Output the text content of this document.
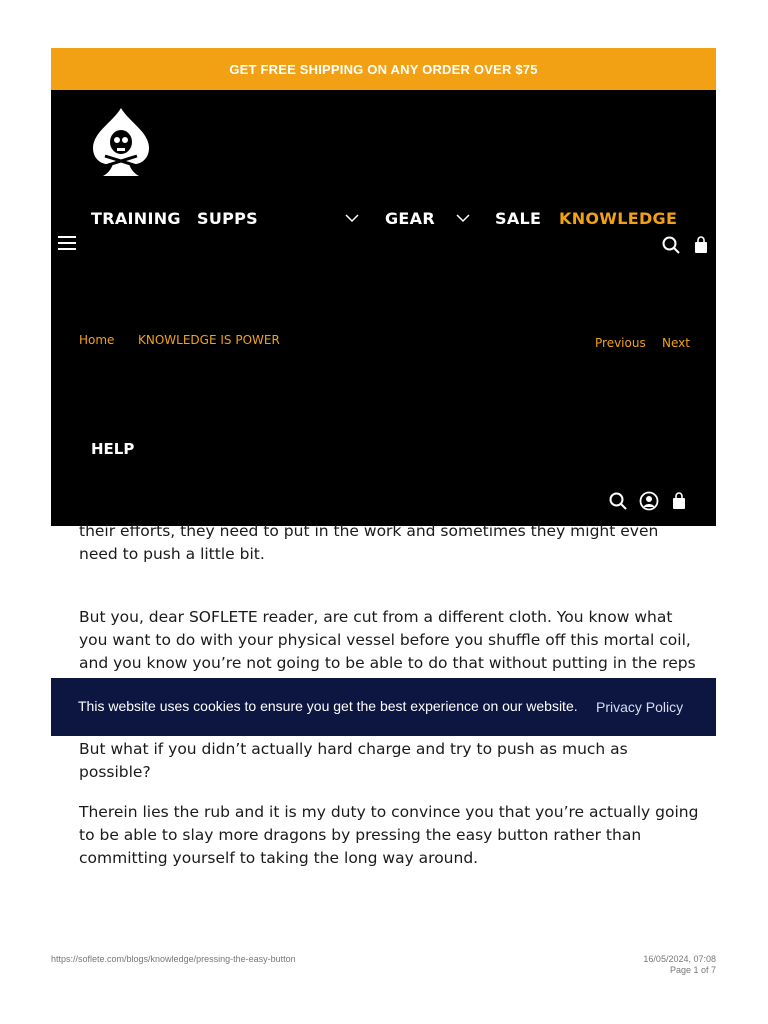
GET FREE SHIPPING ON ANY ORDER OVER $75
TRAINING SUPPS	GEAR	SALE KNOWLEDGE
Home KNOWLEDGE IS POWER	Previous Next
HELP

their efforts, they need to put in the work and sometimes they might even

need to push a little bit.

But you, dear SOFLETE reader, are cut from a different cloth. You know what

you want to do with your physical vessel before you shuffle off this mortal coil,

and you know you’re not going to be able to do that without putting in the reps

But what if you didn’t actually hard charge and try to push as much as possible?

Therein lies the rub and it is my duty to convince you that you’re actually going

to be able to slay more dragons by pressing the easy button rather than

committing yourself to taking the long way around.

This website uses cookies to ensure you get the best experience on our website. Privacy Policy
https://soflete.com/blogs/knowledge/pressing-the-easy-button	16/05/2024, 07:08
Page 1 of 7
